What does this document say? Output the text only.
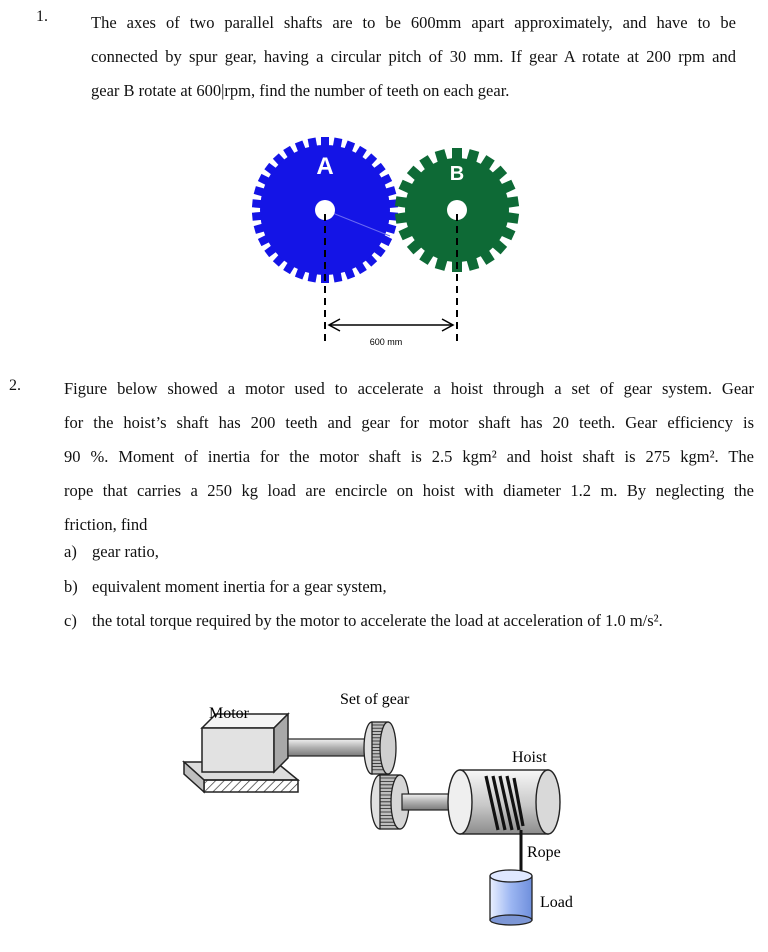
1.	The axes of two parallel shafts are to be 600mm apart approximately, and have to be
connected by spur gear, having a circular pitch of 30 mm. If gear A rotate at 200 rpm and
gear B rotate at 600|rpm, find the number of teeth on each gear.
A	B
600 mm
2.	Figure below showed a motor used to accelerate a hoist through a set of gear system. Gear
for the hoist’s shaft has 200 teeth and gear for motor shaft has 20 teeth. Gear efficiency is
90 %. Moment of inertia for the motor shaft is 2.5 kgm² and hoist shaft is 275 kgm². The
rope that carries a 250 kg load are encircle on hoist with diameter 1.2 m. By neglecting the
friction, find
a) gear ratio,
b) equivalent moment inertia for a gear system,
c) the total torque required by the motor to accelerate the load at acceleration of 1.0 m/s².
Motor
Set of gear
Hoist
Rope
Load
